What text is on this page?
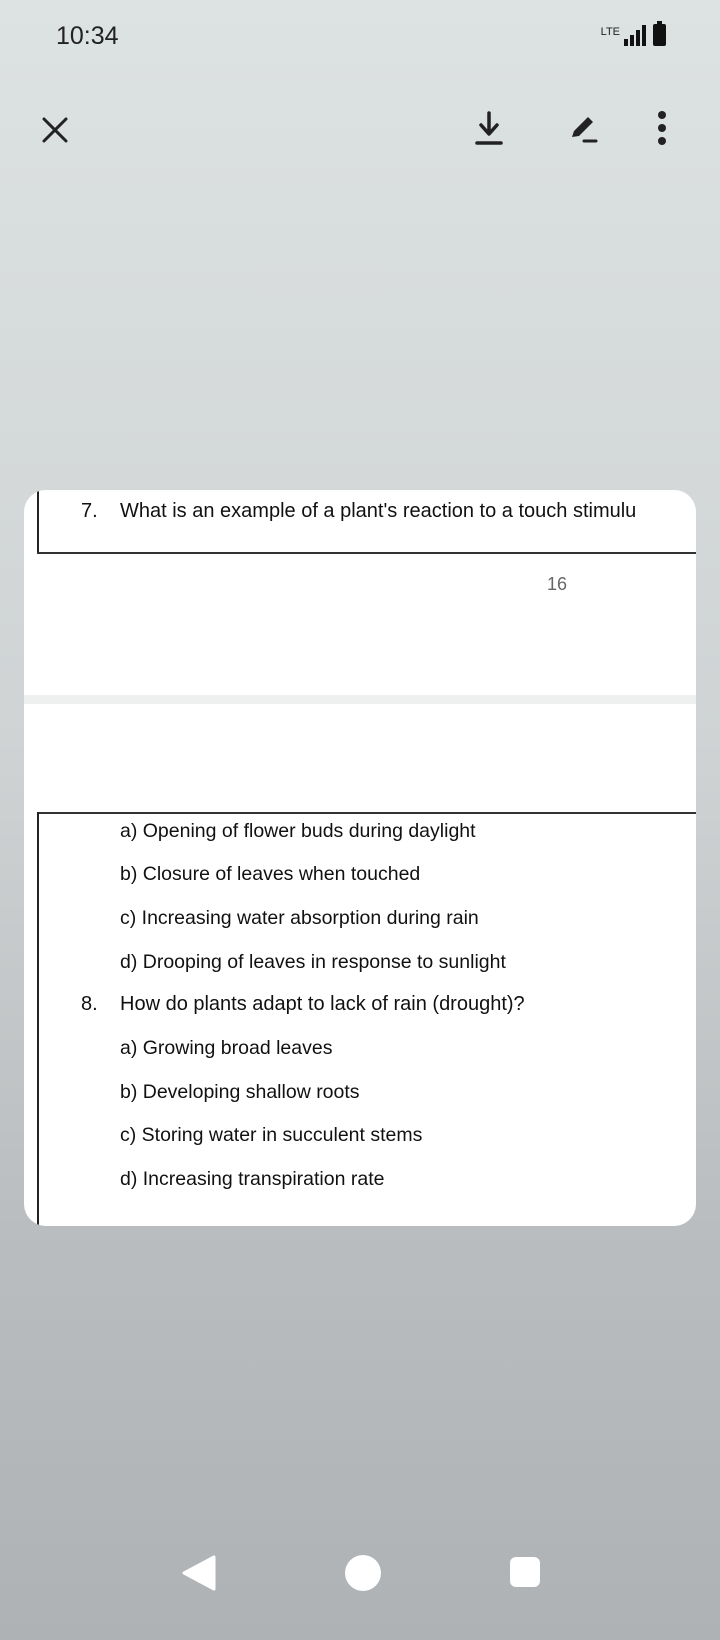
10:34	LTE
7. What is an example of a plant's reaction to a touch stimulu
16
a) Opening of flower buds during daylight
b) Closure of leaves when touched
c) Increasing water absorption during rain
d) Drooping of leaves in response to sunlight
8. How do plants adapt to lack of rain (drought)?
a) Growing broad leaves
b) Developing shallow roots
c) Storing water in succulent stems
d) Increasing transpiration rate
